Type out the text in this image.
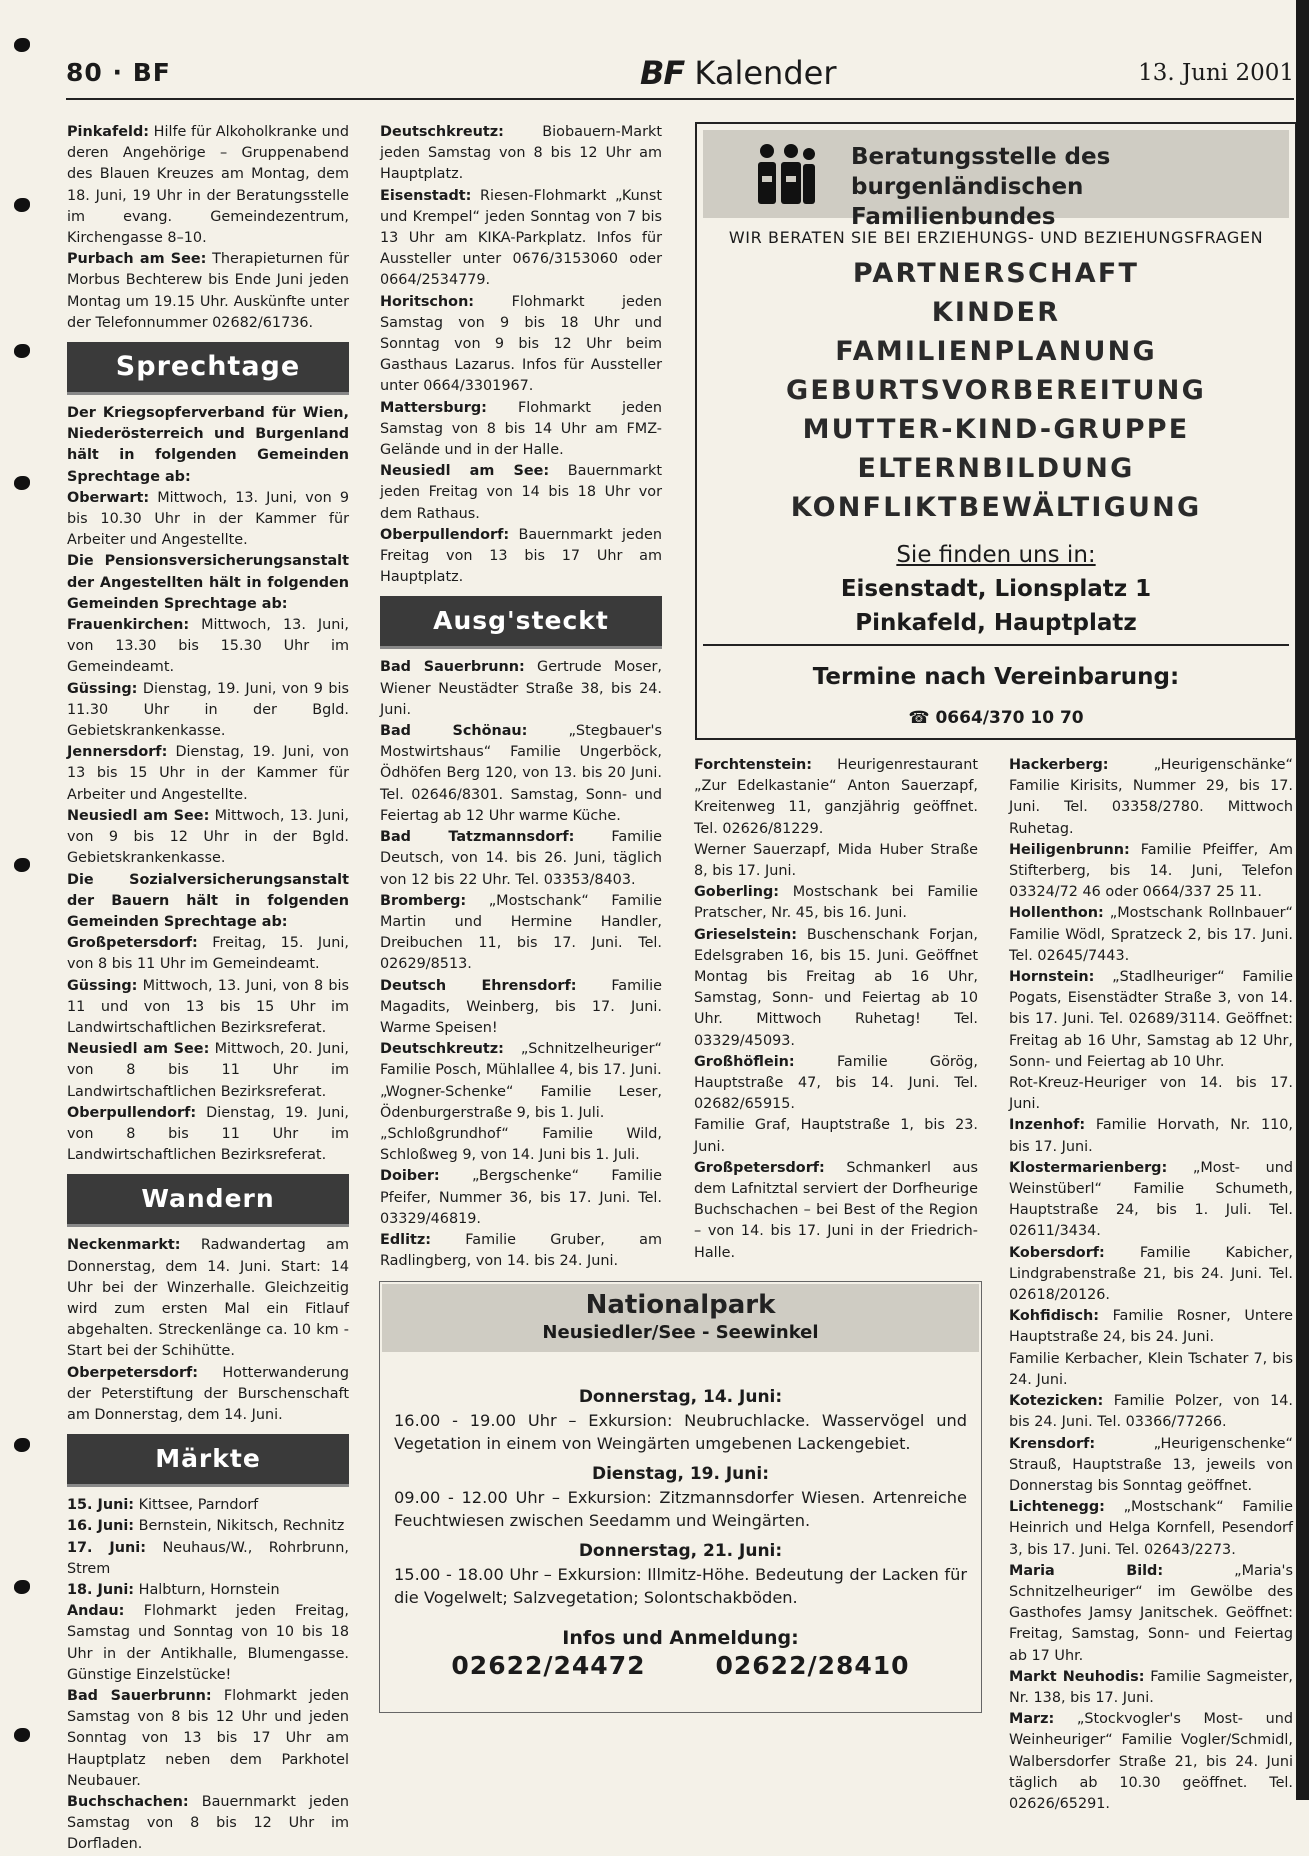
80 · BF	BF Kalender	13. Juni 2001

Pinkafeld: Hilfe für Alkoholkranke und deren Angehörige – Gruppenabend des Blauen Kreuzes am Montag, dem 18. Juni, 19 Uhr in der Beratungsstelle im evang. Gemeindezentrum, Kirchengasse 8–10.

Purbach am See: Therapieturnen für Morbus Bechterew bis Ende Juni jeden Montag um 19.15 Uhr. Auskünfte unter der Telefonnummer 02682/61736.

Sprechtage

Der Kriegsopferverband für Wien, Niederösterreich und Burgenland hält in folgenden Gemeinden Sprechtage ab:

Oberwart: Mittwoch, 13. Juni, von 9 bis 10.30 Uhr in der Kammer für Arbeiter und Angestellte.

Die Pensionsversicherungsanstalt der Angestellten hält in folgenden Gemeinden Sprechtage ab:

Frauenkirchen: Mittwoch, 13. Juni, von 13.30 bis 15.30 Uhr im Gemeindeamt.

Güssing: Dienstag, 19. Juni, von 9 bis 11.30 Uhr in der Bgld. Gebietskrankenkasse.

Jennersdorf: Dienstag, 19. Juni, von 13 bis 15 Uhr in der Kammer für Arbeiter und Angestellte.

Neusiedl am See: Mittwoch, 13. Juni, von 9 bis 12 Uhr in der Bgld. Gebietskrankenkasse.

Die Sozialversicherungsanstalt der Bauern hält in folgenden Gemeinden Sprechtage ab:

Großpetersdorf: Freitag, 15. Juni, von 8 bis 11 Uhr im Gemeindeamt.

Güssing: Mittwoch, 13. Juni, von 8 bis 11 und von 13 bis 15 Uhr im Landwirtschaftlichen Bezirksreferat.

Neusiedl am See: Mittwoch, 20. Juni, von 8 bis 11 Uhr im Landwirtschaftlichen Bezirksreferat.

Oberpullendorf: Dienstag, 19. Juni, von 8 bis 11 Uhr im Landwirtschaftlichen Bezirksreferat.

Wandern

Neckenmarkt: Radwandertag am Donnerstag, dem 14. Juni. Start: 14 Uhr bei der Winzerhalle. Gleichzeitig wird zum ersten Mal ein Fitlauf abgehalten. Streckenlänge ca. 10 km - Start bei der Schihütte.

Oberpetersdorf: Hotterwanderung der Peterstiftung der Burschenschaft am Donnerstag, dem 14. Juni.

Märkte

15. Juni: Kittsee, Parndorf

16. Juni: Bernstein, Nikitsch, Rechnitz

17. Juni: Neuhaus/W., Rohrbrunn, Strem

18. Juni: Halbturn, Hornstein

Andau: Flohmarkt jeden Freitag, Samstag und Sonntag von 10 bis 18 Uhr in der Antikhalle, Blumengasse. Günstige Einzelstücke!

Bad Sauerbrunn: Flohmarkt jeden Samstag von 8 bis 12 Uhr und jeden Sonntag von 13 bis 17 Uhr am Hauptplatz neben dem Parkhotel Neubauer.

Buchschachen: Bauernmarkt jeden Samstag von 8 bis 12 Uhr im Dorfladen.

Deutschkreutz: Biobauern-Markt jeden Samstag von 8 bis 12 Uhr am Hauptplatz.

Eisenstadt: Riesen-Flohmarkt „Kunst und Krempel“ jeden Sonntag von 7 bis 13 Uhr am KIKA-Parkplatz. Infos für Aussteller unter 0676/3153060 oder 0664/2534779.

Horitschon: Flohmarkt jeden Samstag von 9 bis 18 Uhr und Sonntag von 9 bis 12 Uhr beim Gasthaus Lazarus. Infos für Aussteller unter 0664/3301967.

Mattersburg: Flohmarkt jeden Samstag von 8 bis 14 Uhr am FMZ-Gelände und in der Halle.

Neusiedl am See: Bauernmarkt jeden Freitag von 14 bis 18 Uhr vor dem Rathaus.

Oberpullendorf: Bauernmarkt jeden Freitag von 13 bis 17 Uhr am Hauptplatz.

Ausg'steckt

Bad Sauerbrunn: Gertrude Moser, Wiener Neustädter Straße 38, bis 24. Juni.

Bad Schönau: „Stegbauer's Mostwirtshaus“ Familie Ungerböck, Ödhöfen Berg 120, von 13. bis 20 Juni. Tel. 02646/8301. Samstag, Sonn- und Feiertag ab 12 Uhr warme Küche.

Bad Tatzmannsdorf: Familie Deutsch, von 14. bis 26. Juni, täglich von 12 bis 22 Uhr. Tel. 03353/8403.

Bromberg: „Mostschank“ Familie Martin und Hermine Handler, Dreibuchen 11, bis 17. Juni. Tel. 02629/8513.

Deutsch Ehrensdorf: Familie Magadits, Weinberg, bis 17. Juni. Warme Speisen!

Deutschkreutz: „Schnitzelheuriger“ Familie Posch, Mühlallee 4, bis 17. Juni.

„Wogner-Schenke“ Familie Leser, Ödenburgerstraße 9, bis 1. Juli.

„Schloßgrundhof“ Familie Wild, Schloßweg 9, von 14. Juni bis 1. Juli.

Doiber: „Bergschenke“ Familie Pfeifer, Nummer 36, bis 17. Juni. Tel. 03329/46819.

Edlitz: Familie Gruber, am Radlingberg, von 14. bis 24. Juni.

Beratungsstelle des
burgenländischen Familienbundes
WIR BERATEN SIE BEI ERZIEHUNGS- UND BEZIEHUNGSFRAGEN
PARTNERSCHAFT
KINDER
FAMILIENPLANUNG
GEBURTSVORBEREITUNG
MUTTER-KIND-GRUPPE
ELTERNBILDUNG
KONFLIKTBEWÄLTIGUNG
Sie finden uns in:
Eisenstadt, Lionsplatz 1
Pinkafeld, Hauptplatz
Termine nach Vereinbarung:
☎ 0664/370 10 70

Forchtenstein: Heurigenrestaurant „Zur Edelkastanie“ Anton Sauerzapf, Kreitenweg 11, ganzjährig geöffnet. Tel. 02626/81229.

Werner Sauerzapf, Mida Huber Straße 8, bis 17. Juni.

Goberling: Mostschank bei Familie Pratscher, Nr. 45, bis 16. Juni.

Grieselstein: Buschenschank Forjan, Edelsgraben 16, bis 15. Juni. Geöffnet Montag bis Freitag ab 16 Uhr, Samstag, Sonn- und Feiertag ab 10 Uhr. Mittwoch Ruhetag! Tel. 03329/45093.

Großhöflein: Familie Görög, Hauptstraße 47, bis 14. Juni. Tel. 02682/65915.

Familie Graf, Hauptstraße 1, bis 23. Juni.

Großpetersdorf: Schmankerl aus dem Lafnitztal serviert der Dorfheurige Buchschachen – bei Best of the Region – von 14. bis 17. Juni in der Friedrich-Halle.

Hackerberg: „Heurigenschänke“ Familie Kirisits, Nummer 29, bis 17. Juni. Tel. 03358/2780. Mittwoch Ruhetag.

Heiligenbrunn: Familie Pfeiffer, Am Stifterberg, bis 14. Juni, Telefon 03324/72 46 oder 0664/337 25 11.

Hollenthon: „Mostschank Rollnbauer“ Familie Wödl, Spratzeck 2, bis 17. Juni. Tel. 02645/7443.

Hornstein: „Stadlheuriger“ Familie Pogats, Eisenstädter Straße 3, von 14. bis 17. Juni. Tel. 02689/3114. Geöffnet: Freitag ab 16 Uhr, Samstag ab 12 Uhr, Sonn- und Feiertag ab 10 Uhr.

Rot-Kreuz-Heuriger von 14. bis 17. Juni.

Inzenhof: Familie Horvath, Nr. 110, bis 17. Juni.

Klostermarienberg: „Most- und Weinstüberl“ Familie Schumeth, Hauptstraße 24, bis 1. Juli. Tel. 02611/3434.

Kobersdorf: Familie Kabicher, Lindgrabenstraße 21, bis 24. Juni. Tel. 02618/20126.

Kohfidisch: Familie Rosner, Untere Hauptstraße 24, bis 24. Juni.

Familie Kerbacher, Klein Tschater 7, bis 24. Juni.

Kotezicken: Familie Polzer, von 14. bis 24. Juni. Tel. 03366/77266.

Krensdorf: „Heurigenschenke“ Strauß, Hauptstraße 13, jeweils von Donnerstag bis Sonntag geöffnet.

Lichtenegg: „Mostschank“ Familie Heinrich und Helga Kornfell, Pesendorf 3, bis 17. Juni. Tel. 02643/2273.

Maria Bild: „Maria's Schnitzelheuriger“ im Gewölbe des Gasthofes Jamsy Janitschek. Geöffnet: Freitag, Samstag, Sonn- und Feiertag ab 17 Uhr.

Markt Neuhodis: Familie Sagmeister, Nr. 138, bis 17. Juni.

Marz: „Stockvogler's Most- und Weinheuriger“ Familie Vogler/Schmidl, Walbersdorfer Straße 21, bis 24. Juni täglich ab 10.30 geöffnet. Tel. 02626/65291.

Nationalpark
Neusiedler/See - Seewinkel
Donnerstag, 14. Juni:
16.00 - 19.00 Uhr – Exkursion: Neubruchlacke. Wasservögel und Vegetation in einem von Weingärten umgebenen Lackengebiet.
Dienstag, 19. Juni:
09.00 - 12.00 Uhr – Exkursion: Zitzmannsdorfer Wiesen. Artenreiche Feuchtwiesen zwischen Seedamm und Weingärten.
Donnerstag, 21. Juni:
15.00 - 18.00 Uhr – Exkursion: Illmitz-Höhe. Bedeutung der Lacken für die Vogelwelt; Salzvegetation; Solontschakböden.
Infos und Anmeldung:
02622/24472	02622/28410
